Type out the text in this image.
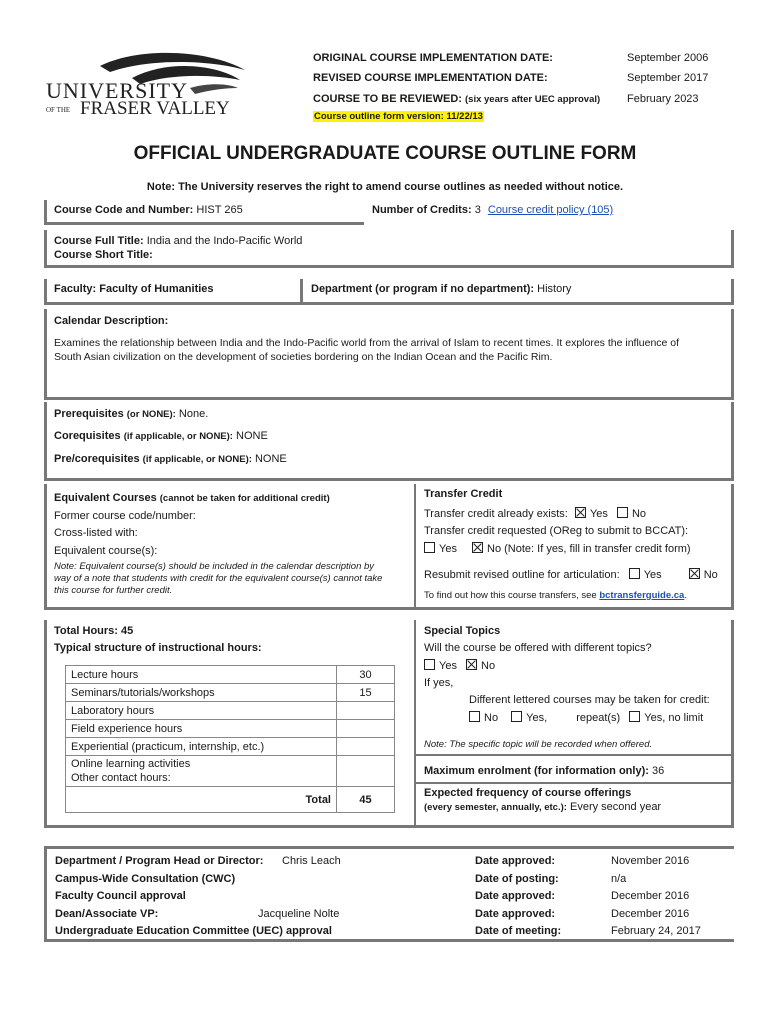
UNIVERSITY
OF THE FRASER VALLEY
ORIGINAL COURSE IMPLEMENTATION DATE:	September 2006
REVISED COURSE IMPLEMENTATION DATE:	September 2017
COURSE TO BE REVIEWED: (six years after UEC approval) February 2023
Course outline form version: 11/22/13
OFFICIAL UNDERGRADUATE COURSE OUTLINE FORM
Note: The University reserves the right to amend course outlines as needed without notice.
Course Code and Number: HIST 265	Number of Credits: 3 Course credit policy (105)
Course Full Title: India and the Indo-Pacific World
Course Short Title:
Faculty: Faculty of Humanities	Department (or program if no department): History
Calendar Description:
Examines the relationship between India and the Indo-Pacific world from the arrival of Islam to recent times. It explores the influence of
South Asian civilization on the development of societies bordering on the Indian Ocean and the Pacific Rim.
Prerequisites (or NONE): None.
Corequisites (if applicable, or NONE): NONE
Pre/corequisites (if applicable, or NONE): NONE
Equivalent Courses (cannot be taken for additional credit)
Former course code/number:
Cross-listed with:
Equivalent course(s):
Note: Equivalent course(s) should be included in the calendar description by
way of a note that students with credit for the equivalent course(s) cannot take
this course for further credit.
Transfer Credit
Transfer credit already exists: Yes No
Transfer credit requested (OReg to submit to BCCAT):
Yes	No (Note: If yes, fill in transfer credit form)
Resubmit revised outline for articulation: Yes	No
To find out how this course transfers, see bctransferguide.ca.
Total Hours: 45
Typical structure of instructional hours:
Lecture hours	30
Seminars/tutorials/workshops	15
Laboratory hours	
Field experience hours	
Experiential (practicum, internship, etc.)	

Online learning activities
Other contact hours:	

Total	45
Special Topics
Will the course be offered with different topics?
Yes No
If yes,
Different lettered courses may be taken for credit:
No	Yes,	repeat(s) Yes, no limit
Note: The specific topic will be recorded when offered.
Maximum enrolment (for information only): 36
Expected frequency of course offerings
(every semester, annually, etc.): Every second year
Department / Program Head or Director: Chris Leach	Date approved:	November 2016
Campus-Wide Consultation (CWC)	Date of posting:	n/a
Faculty Council approval	Date approved:	December 2016
Dean/Associate VP:	Jacqueline Nolte	Date approved:	December 2016
Undergraduate Education Committee (UEC) approval	Date of meeting:	February 24, 2017
